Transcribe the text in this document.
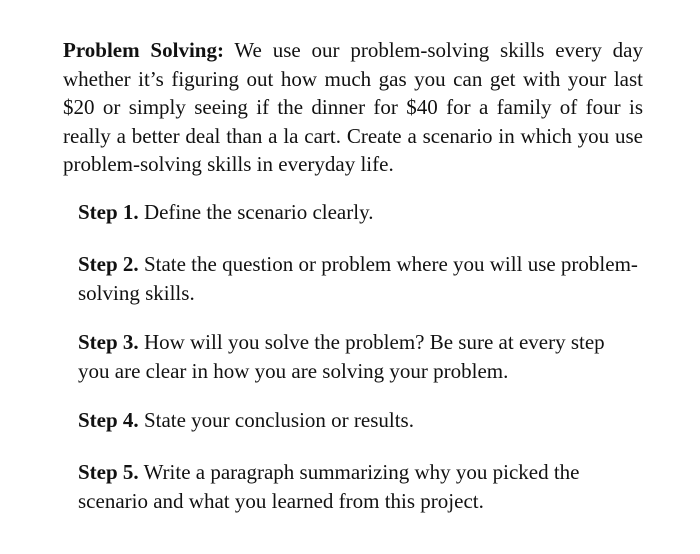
Problem Solving: We use our problem-solving skills every day whether it’s figuring out how much gas you can get with your last $20 or simply seeing if the dinner for $40 for a family of four is really a better deal than a la cart. Create a scenario in which you use problem-solving skills in everyday life.

Step 1. Define the scenario clearly.

Step 2. State the question or problem where you will use problem-solving skills.

Step 3. How will you solve the problem? Be sure at every step you are clear in how you are solving your problem.

Step 4. State your conclusion or results.

Step 5. Write a paragraph summarizing why you picked the scenario and what you learned from this project.
